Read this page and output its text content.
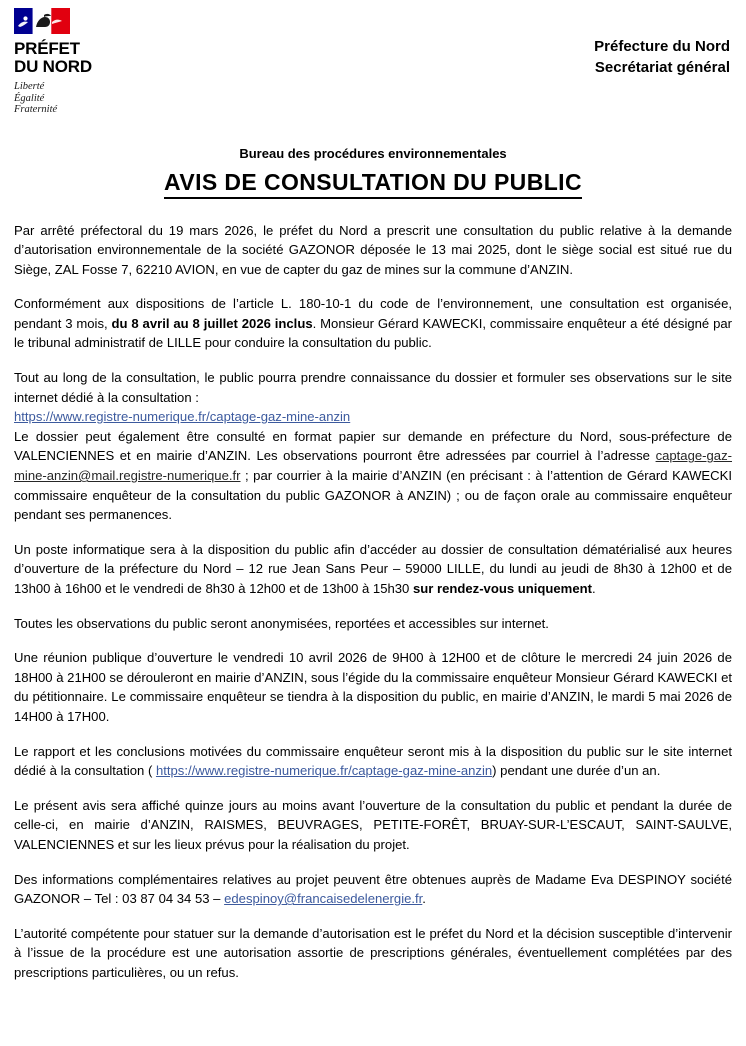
PRÉFET
DU NORD
Liberté
Égalité
Fraternité
Préfecture du Nord
Secrétariat général
Bureau des procédures environnementales
AVIS DE CONSULTATION DU PUBLIC

Par arrêté préfectoral du 19 mars 2026, le préfet du Nord a prescrit une consultation du public relative à la demande d’autorisation environnementale de la société GAZONOR déposée le 13 mai 2025, dont le siège social est situé rue du Siège, ZAL Fosse 7, 62210 AVION, en vue de capter du gaz de mines sur la commune d’ANZIN.

Conformément aux dispositions de l’article L. 180-10-1 du code de l’environnement, une consultation est organisée, pendant 3 mois, du 8 avril au 8 juillet 2026 inclus. Monsieur Gérard KAWECKI, commissaire enquêteur a été désigné par le tribunal administratif de LILLE pour conduire la consultation du public.

Tout au long de la consultation, le public pourra prendre connaissance du dossier et formuler ses observations sur le site internet dédié à la consultation :

https://www.registre-numerique.fr/captage-gaz-mine-anzin
Le dossier peut également être consulté en format papier sur demande en préfecture du Nord, sous-préfecture de VALENCIENNES et en mairie d’ANZIN. Les observations pourront être adressées par courriel à l’adresse captage-gaz-mine-anzin@mail.registre-numerique.fr ; par courrier à la mairie d’ANZIN (en précisant : à l’attention de Gérard KAWECKI commissaire enquêteur de la consultation du public GAZONOR à ANZIN) ; ou de façon orale au commissaire enquêteur pendant ses permanences.

Un poste informatique sera à la disposition du public afin d’accéder au dossier de consultation dématérialisé aux heures d’ouverture de la préfecture du Nord – 12 rue Jean Sans Peur – 59000 LILLE, du lundi au jeudi de 8h30 à 12h00 et de 13h00 à 16h00 et le vendredi de 8h30 à 12h00 et de 13h00 à 15h30 sur rendez-vous uniquement.

Toutes les observations du public seront anonymisées, reportées et accessibles sur internet.

Une réunion publique d’ouverture le vendredi 10 avril 2026 de 9H00 à 12H00 et de clôture le mercredi 24 juin 2026 de 18H00 à 21H00 se dérouleront en mairie d’ANZIN, sous l’égide du la commissaire enquêteur Monsieur Gérard KAWECKI et du pétitionnaire. Le commissaire enquêteur se tiendra à la disposition du public, en mairie d’ANZIN, le mardi 5 mai 2026 de 14H00 à 17H00.

Le rapport et les conclusions motivées du commissaire enquêteur seront mis à la disposition du public sur le site internet dédié à la consultation ( https://www.registre-numerique.fr/captage-gaz-mine-anzin) pendant une durée d’un an.

Le présent avis sera affiché quinze jours au moins avant l’ouverture de la consultation du public et pendant la durée de celle-ci, en mairie d’ANZIN, RAISMES, BEUVRAGES, PETITE-FORÊT, BRUAY-SUR-L’ESCAUT, SAINT-SAULVE, VALENCIENNES et sur les lieux prévus pour la réalisation du projet.

Des informations complémentaires relatives au projet peuvent être obtenues auprès de Madame Eva DESPINOY société GAZONOR – Tel : 03 87 04 34 53 – edespinoy@francaisedelenergie.fr.

L’autorité compétente pour statuer sur la demande d’autorisation est le préfet du Nord et la décision susceptible d’intervenir à l’issue de la procédure est une autorisation assortie de prescriptions générales, éventuellement complétées par des prescriptions particulières, ou un refus.
